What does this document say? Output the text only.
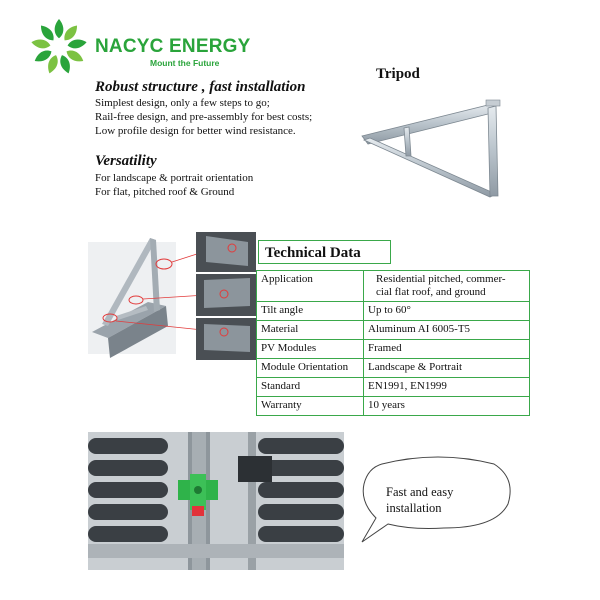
NACYC ENERGY
Mount the Future
Robust structure , fast installation
Simplest design, only a few steps to go;
Rail-free design, and pre-assembly for best costs;
Low profile design for better wind resistance.
Versatility
For landscape & portrait orientation
For flat, pitched roof & Ground
Tripod
Technical Data
Application	Residential pitched, commer-
cial flat roof, and ground

Tilt angle	Up to 60°
Material	Aluminum AI 6005-T5
PV Modules	Framed
Module Orientation	Landscape & Portrait
Standard	EN1991, EN1999
Warranty	10 years
Fast and easy
installation
